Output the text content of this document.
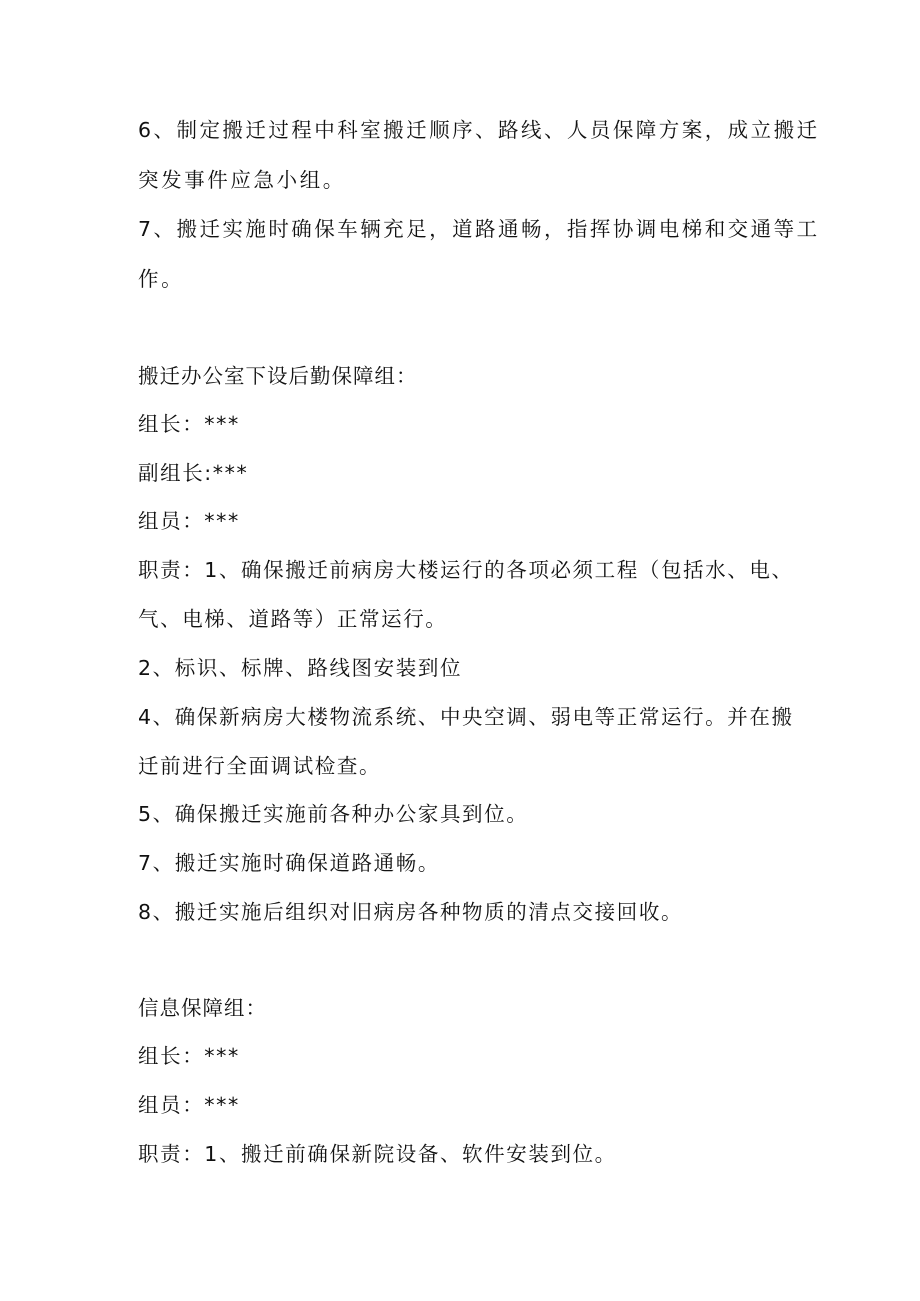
6、制定搬迁过程中科室搬迁顺序、路线、人员保障方案，成立搬迁
突发事件应急小组。
7、搬迁实施时确保车辆充足，道路通畅，指挥协调电梯和交通等工
作。
搬迁办公室下设后勤保障组：
组长：***
副组长:***
组员：***
职责：1、确保搬迁前病房大楼运行的各项必须工程（包括水、电、
气、电梯、道路等）正常运行。
2、标识、标牌、路线图安装到位
4、确保新病房大楼物流系统、中央空调、弱电等正常运行。并在搬
迁前进行全面调试检查。
5、确保搬迁实施前各种办公家具到位。
7、搬迁实施时确保道路通畅。
8、搬迁实施后组织对旧病房各种物质的清点交接回收。
信息保障组：
组长：***
组员：***
职责：1、搬迁前确保新院设备、软件安装到位。
